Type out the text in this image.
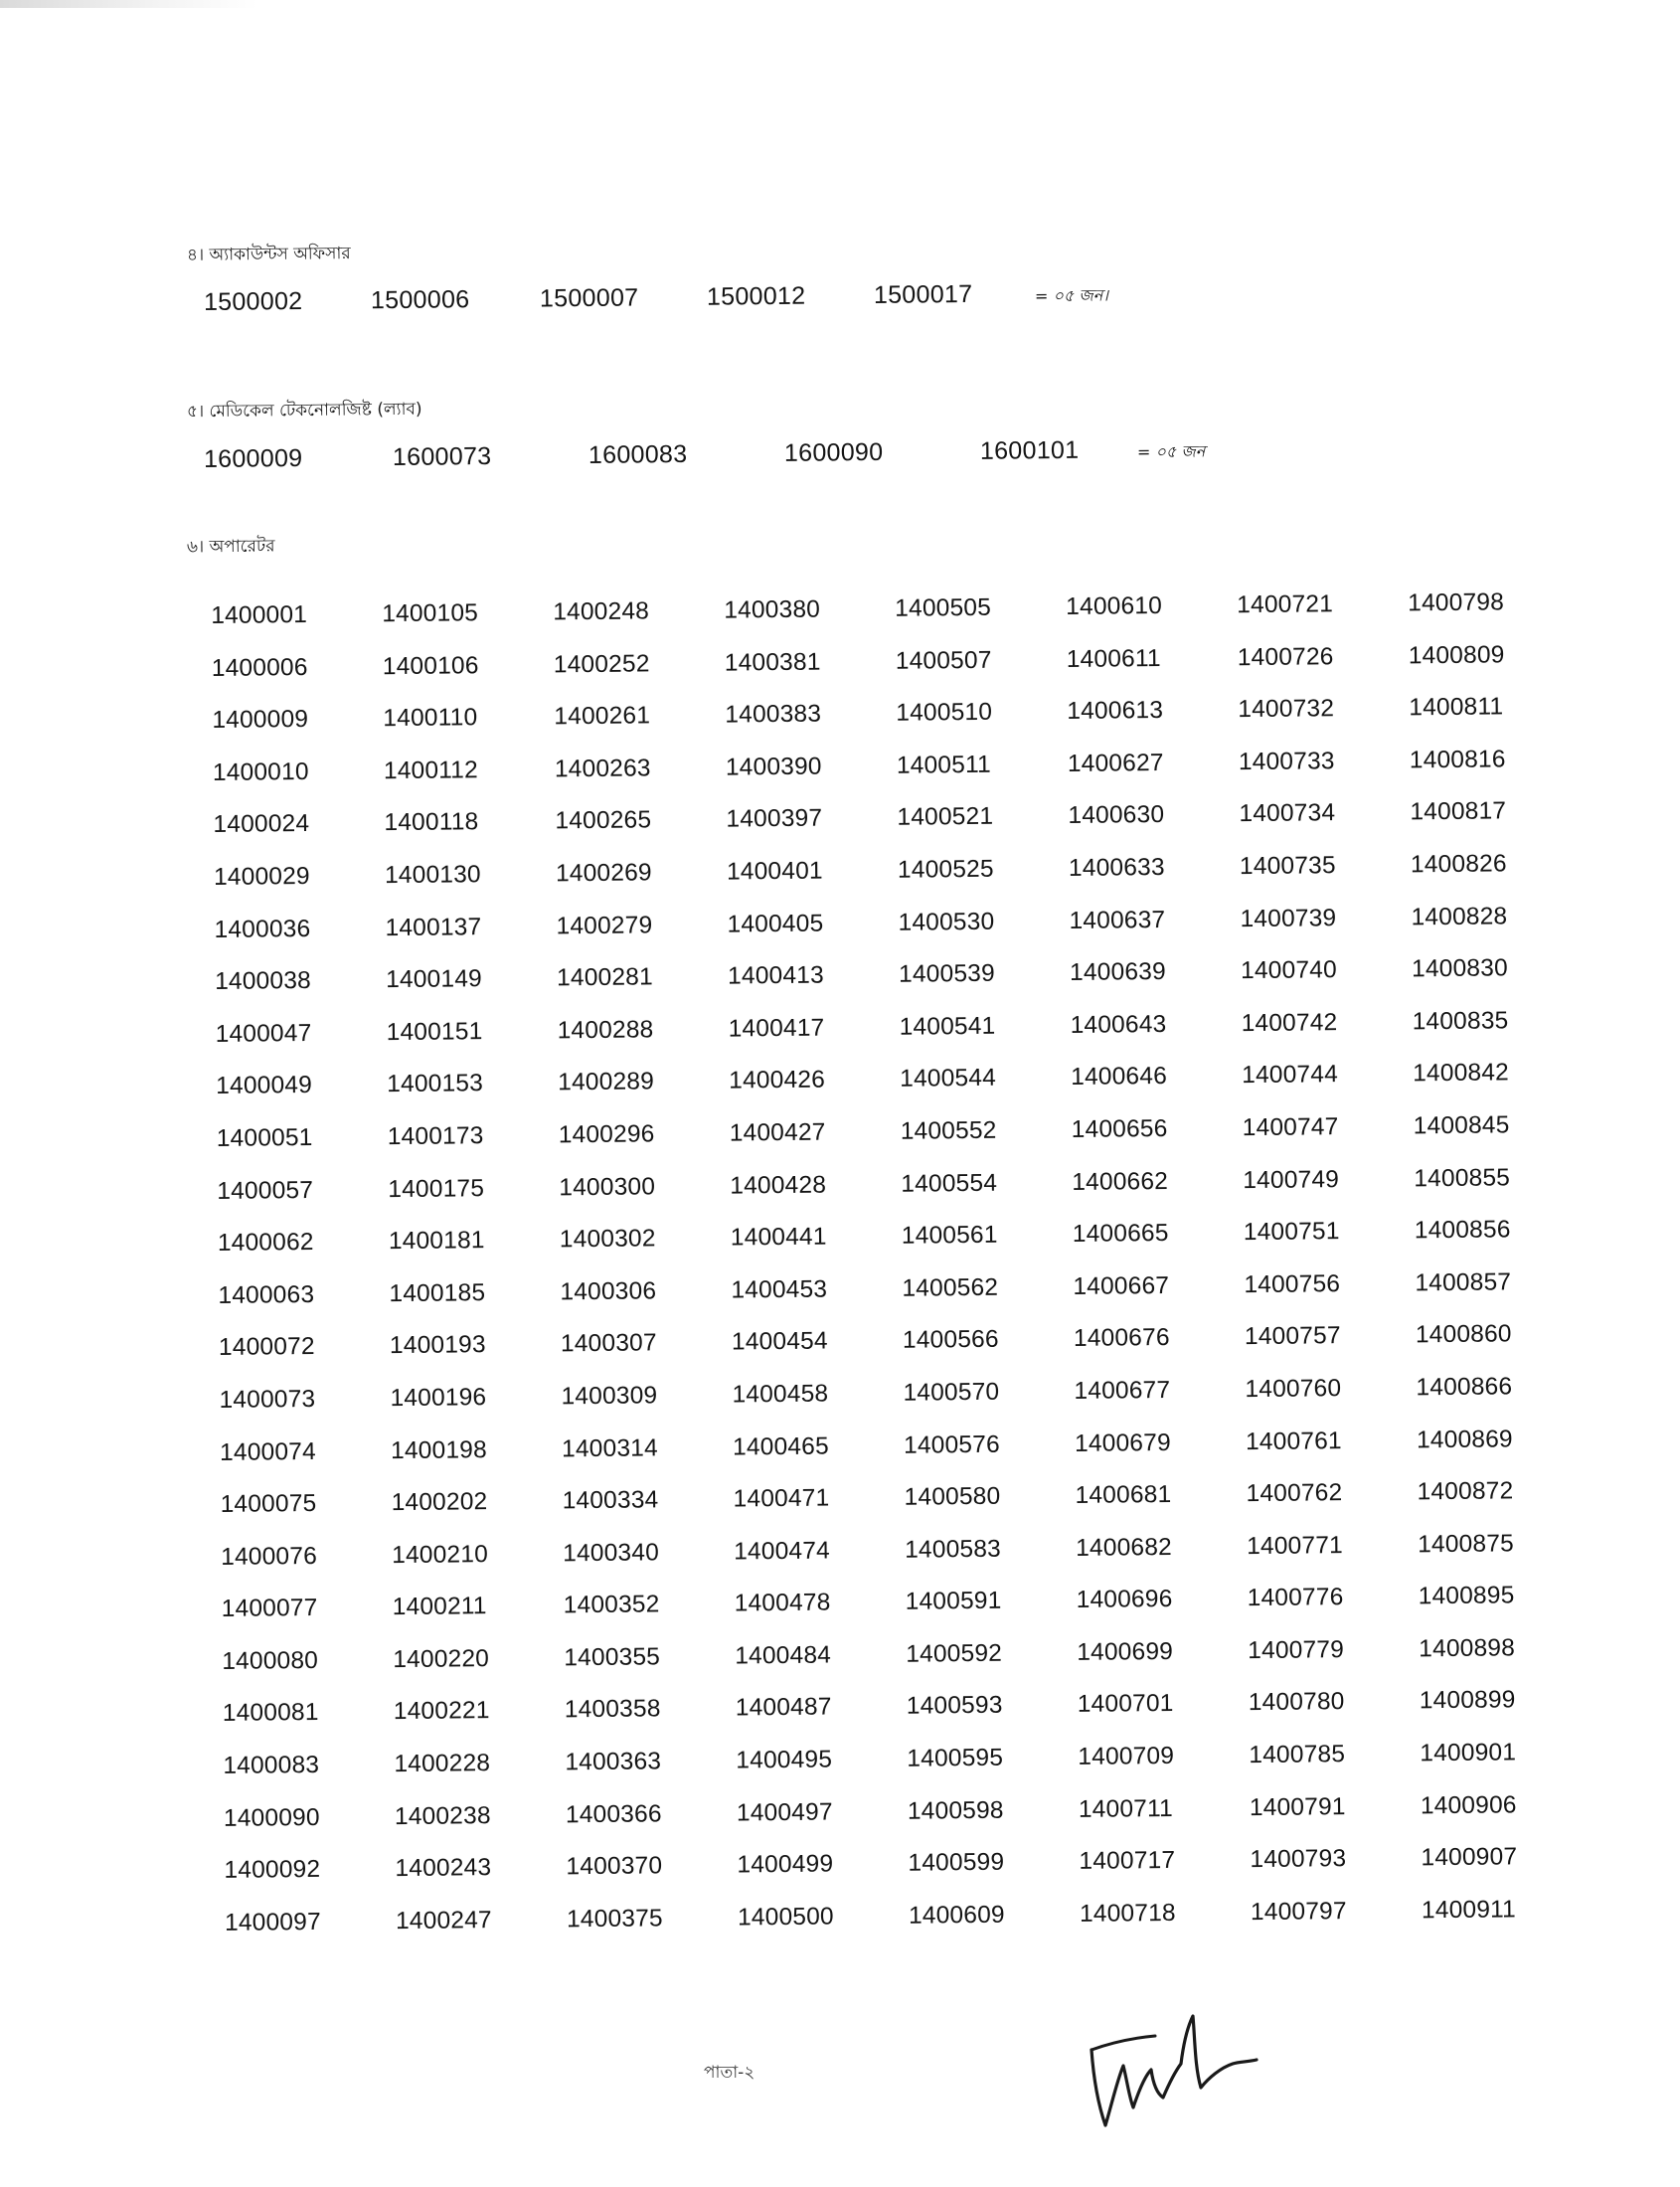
৪। অ্যাকাউন্টস অফিসার
1500002	1500006	1500007	1500012	1500017	= ০৫ জন।
৫। মেডিকেল টেকনোলজিষ্ট (ল্যাব)
1600009	1600073	1600083	1600090	1600101	= ০৫ জন
৬। অপারেটর
1400001	1400105	1400248	1400380	1400505	1400610	1400721	1400798
1400006	1400106	1400252	1400381	1400507	1400611	1400726	1400809
1400009	1400110	1400261	1400383	1400510	1400613	1400732	1400811
1400010	1400112	1400263	1400390	1400511	1400627	1400733	1400816
1400024	1400118	1400265	1400397	1400521	1400630	1400734	1400817
1400029	1400130	1400269	1400401	1400525	1400633	1400735	1400826
1400036	1400137	1400279	1400405	1400530	1400637	1400739	1400828
1400038	1400149	1400281	1400413	1400539	1400639	1400740	1400830
1400047	1400151	1400288	1400417	1400541	1400643	1400742	1400835
1400049	1400153	1400289	1400426	1400544	1400646	1400744	1400842
1400051	1400173	1400296	1400427	1400552	1400656	1400747	1400845
1400057	1400175	1400300	1400428	1400554	1400662	1400749	1400855
1400062	1400181	1400302	1400441	1400561	1400665	1400751	1400856
1400063	1400185	1400306	1400453	1400562	1400667	1400756	1400857
1400072	1400193	1400307	1400454	1400566	1400676	1400757	1400860
1400073	1400196	1400309	1400458	1400570	1400677	1400760	1400866
1400074	1400198	1400314	1400465	1400576	1400679	1400761	1400869
1400075	1400202	1400334	1400471	1400580	1400681	1400762	1400872
1400076	1400210	1400340	1400474	1400583	1400682	1400771	1400875
1400077	1400211	1400352	1400478	1400591	1400696	1400776	1400895
1400080	1400220	1400355	1400484	1400592	1400699	1400779	1400898
1400081	1400221	1400358	1400487	1400593	1400701	1400780	1400899
1400083	1400228	1400363	1400495	1400595	1400709	1400785	1400901
1400090	1400238	1400366	1400497	1400598	1400711	1400791	1400906
1400092	1400243	1400370	1400499	1400599	1400717	1400793	1400907
1400097	1400247	1400375	1400500	1400609	1400718	1400797	1400911
পাতা-২
